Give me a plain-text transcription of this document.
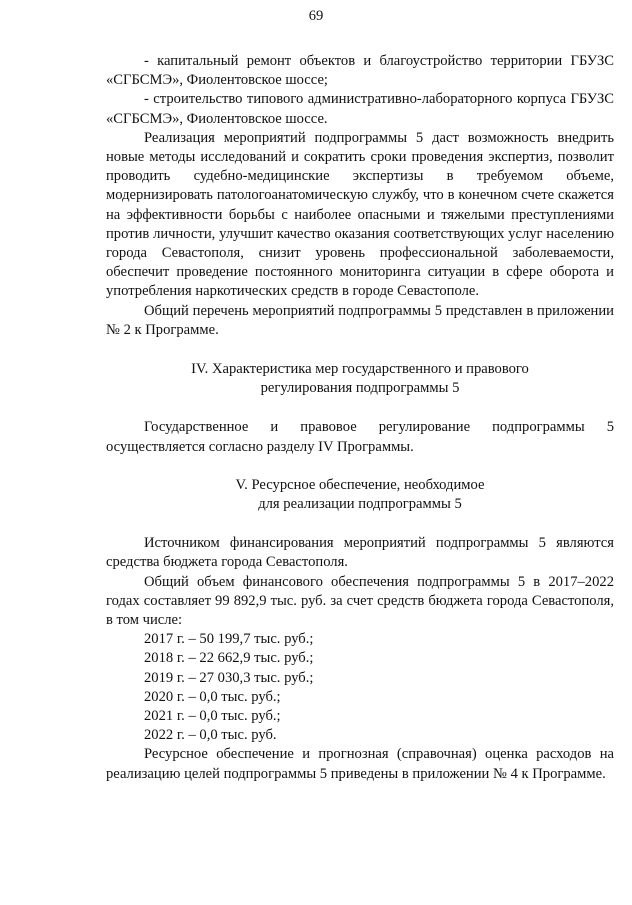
69

- капитальный ремонт объектов и благоустройство территории ГБУЗС «СГБСМЭ», Фиолентовское шоссе;

- строительство типового административно-лабораторного корпуса ГБУЗС «СГБСМЭ», Фиолентовское шоссе.

Реализация мероприятий подпрограммы 5 даст возможность внедрить новые методы исследований и сократить сроки проведения экспертиз, позволит проводить судебно-медицинские экспертизы в требуемом объеме, модернизировать патологоанатомическую службу, что в конечном счете скажется на эффективности борьбы с наиболее опасными и тяжелыми преступлениями против личности, улучшит качество оказания соответствующих услуг населению города Севастополя, снизит уровень профессиональной заболеваемости, обеспечит проведение постоянного мониторинга ситуации в сфере оборота и употребления наркотических средств в городе Севастополе.

Общий перечень мероприятий подпрограммы 5 представлен в приложении № 2 к Программе.

IV. Характеристика мер государственного и правового
регулирования подпрограммы 5

Государственное и правовое регулирование подпрограммы 5 осуществляется согласно разделу IV Программы.

V. Ресурсное обеспечение, необходимое
для реализации подпрограммы 5

Источником финансирования мероприятий подпрограммы 5 являются средства бюджета города Севастополя.

Общий объем финансового обеспечения подпрограммы 5 в 2017–2022 годах составляет 99 892,9 тыс. руб. за счет средств бюджета города Севастополя, в том числе:

2017 г. – 50 199,7 тыс. руб.;
2018 г. – 22 662,9 тыс. руб.;
2019 г. – 27 030,3 тыс. руб.;
2020 г. – 0,0 тыс. руб.;
2021 г. – 0,0 тыс. руб.;
2022 г. – 0,0 тыс. руб.

Ресурсное обеспечение и прогнозная (справочная) оценка расходов на реализацию целей подпрограммы 5 приведены в приложении № 4 к Программе.
